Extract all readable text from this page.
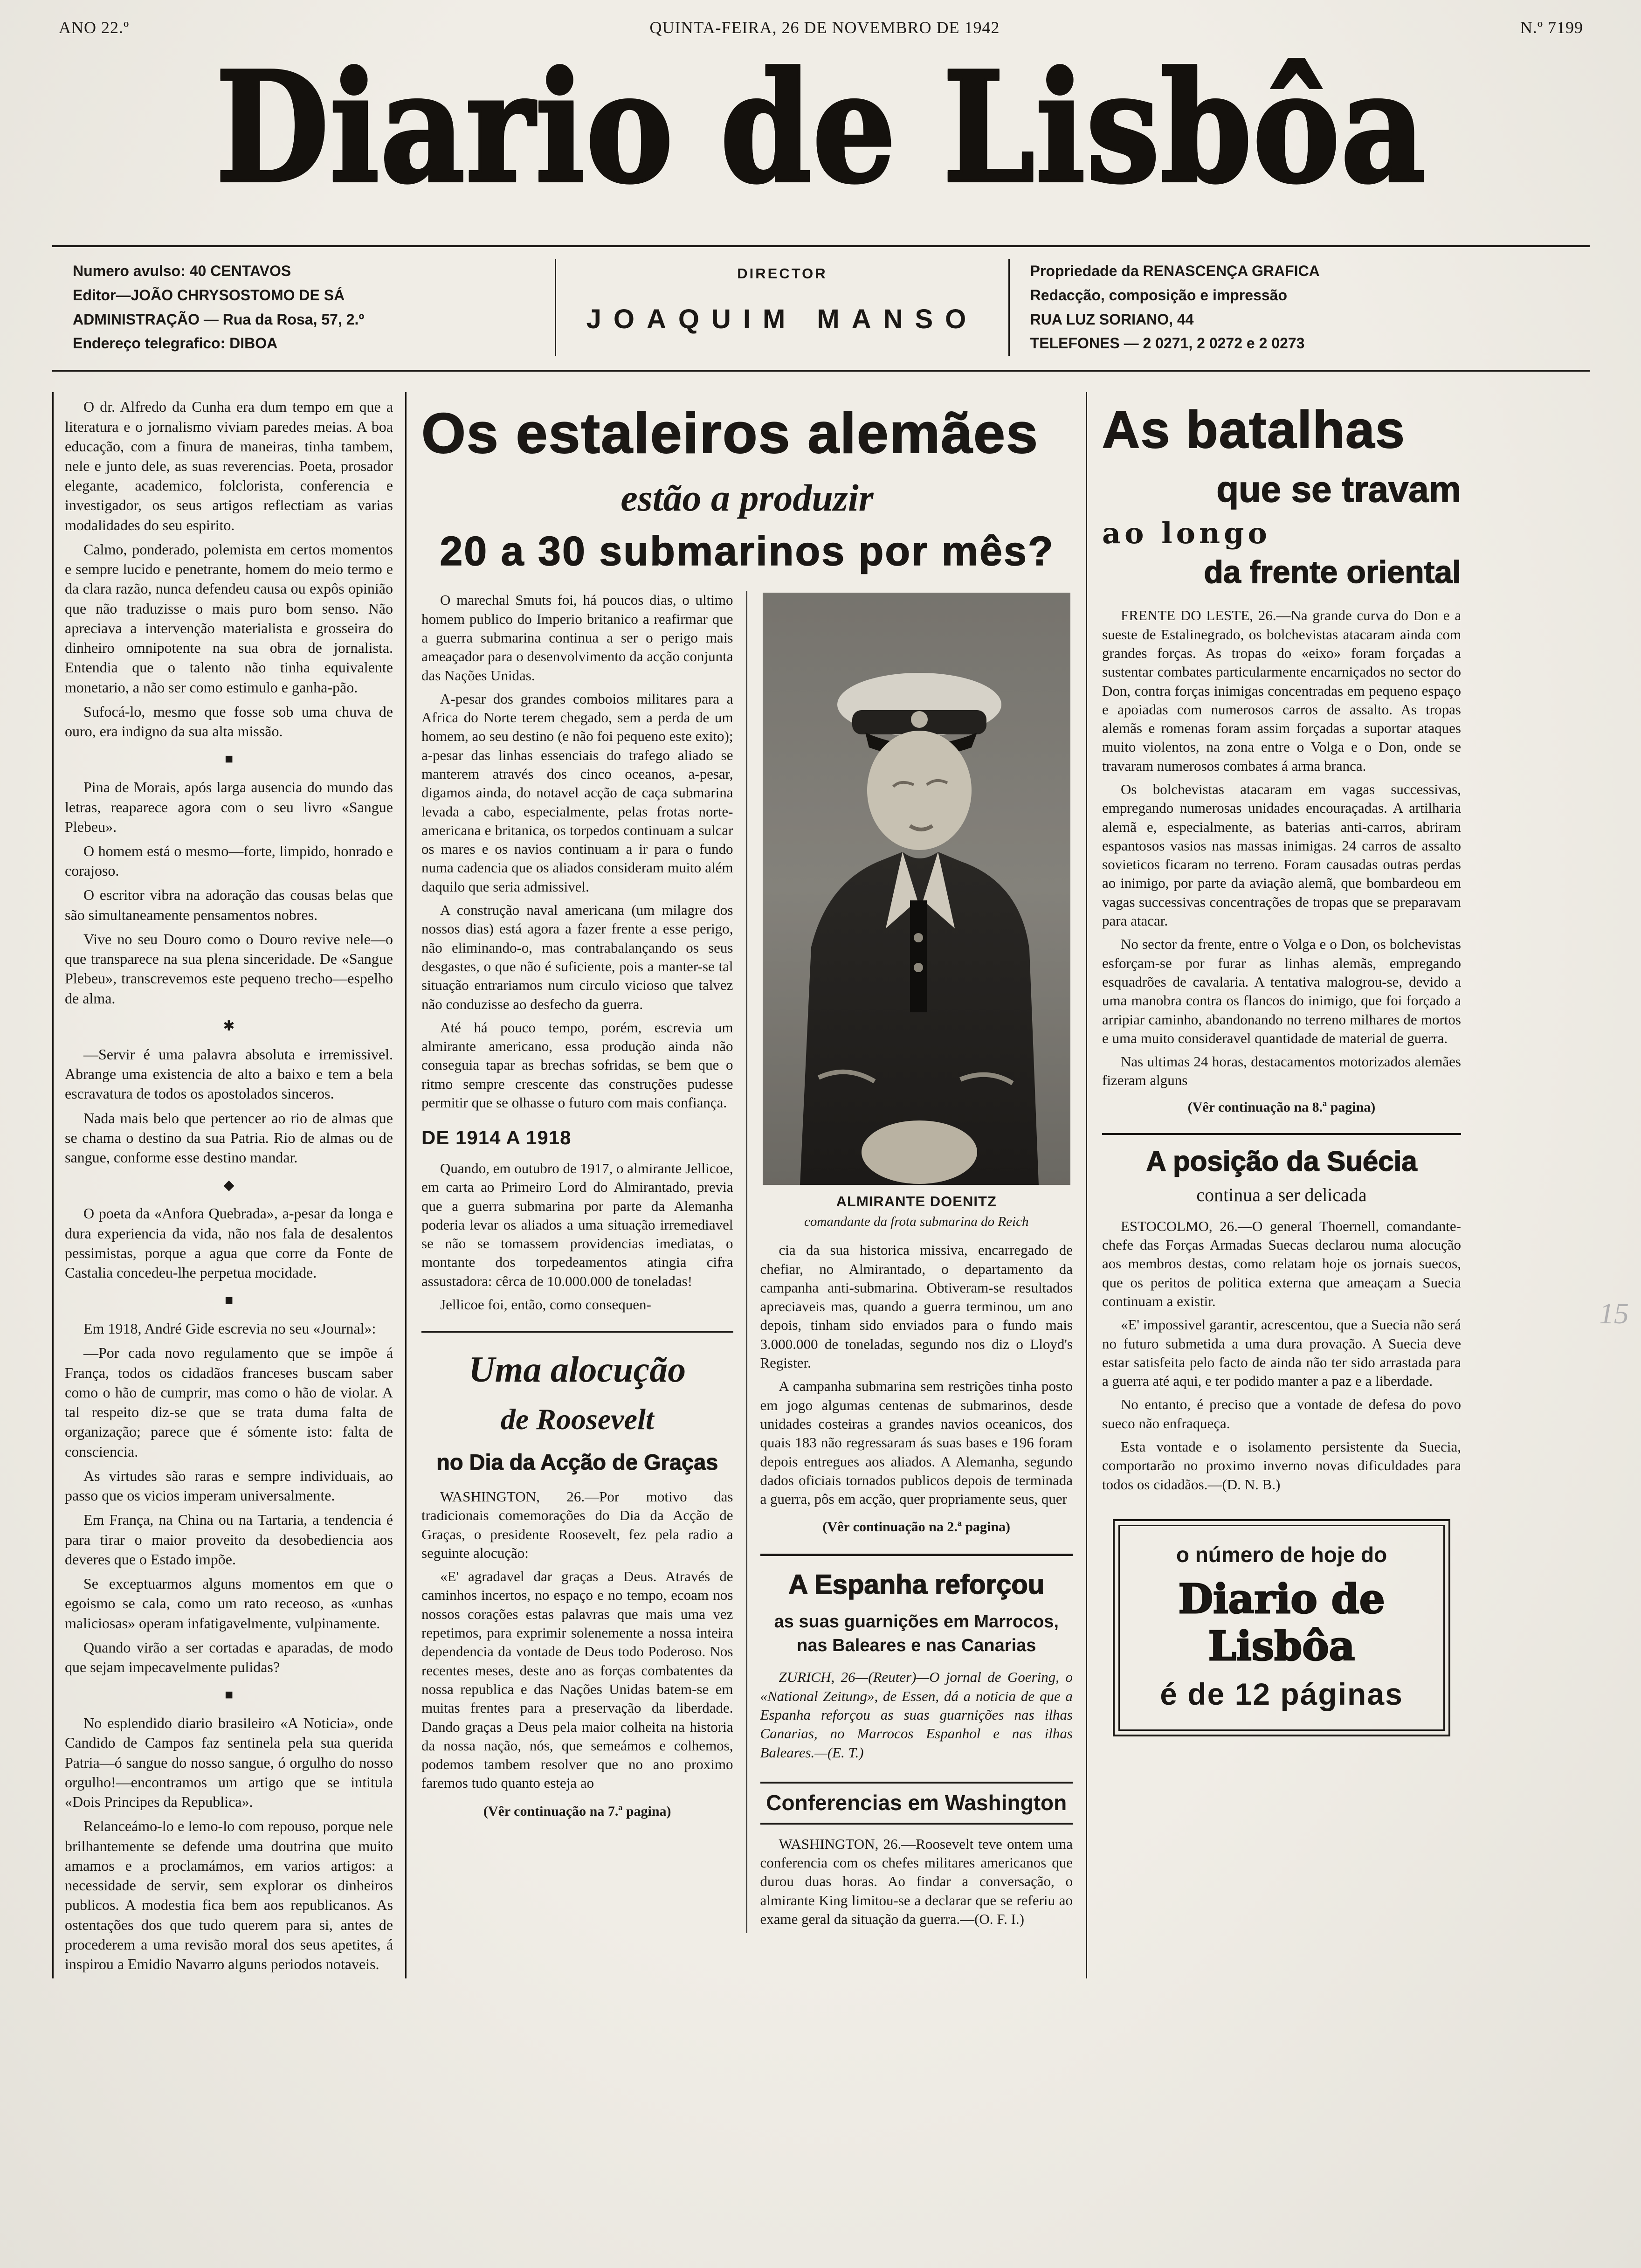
ANO 22.º	QUINTA-FEIRA, 26 DE NOVEMBRO DE 1942	N.º 7199
Diario de Lisbôa
Numero avulso: 40 CENTAVOS
Editor—JOÃO CHRYSOSTOMO DE SÁ
ADMINISTRAÇÃO — Rua da Rosa, 57, 2.º
Endereço telegrafico: DIBOA
DIRECTOR
JOAQUIM MANSO
Propriedade da RENASCENÇA GRAFICA
Redacção, composição e impressão
RUA LUZ SORIANO, 44
TELEFONES — 2 0271, 2 0272 e 2 0273

O dr. Alfredo da Cunha era dum tempo em que a literatura e o jornalismo viviam paredes meias. A boa educação, com a finura de maneiras, tinha tambem, nele e junto dele, as suas reverencias. Poeta, prosador elegante, academico, folclorista, conferencia e investigador, os seus artigos reflectiam as varias modalidades do seu espirito.

Calmo, ponderado, polemista em certos momentos e sempre lucido e penetrante, homem do meio termo e da clara razão, nunca defendeu causa ou expôs opinião que não traduzisse o mais puro bom senso. Não apreciava a intervenção materialista e grosseira do dinheiro omnipotente na sua obra de jornalista. Entendia que o talento não tinha equivalente monetario, a não ser como estimulo e ganha-pão.

Sufocá-lo, mesmo que fosse sob uma chuva de ouro, era indigno da sua alta missão.

■

Pina de Morais, após larga ausencia do mundo das letras, reaparece agora com o seu livro «Sangue Plebeu».

O homem está o mesmo—forte, limpido, honrado e corajoso.

O escritor vibra na adoração das cousas belas que são simultaneamente pensamentos nobres.

Vive no seu Douro como o Douro revive nele—o que transparece na sua plena sinceridade. De «Sangue Plebeu», transcrevemos este pequeno trecho—espelho de alma.

✱

—Servir é uma palavra absoluta e irremissivel. Abrange uma existencia de alto a baixo e tem a bela escravatura de todos os apostolados sinceros.

Nada mais belo que pertencer ao rio de almas que se chama o destino da sua Patria. Rio de almas ou de sangue, conforme esse destino mandar.

◆

O poeta da «Anfora Quebrada», a-pesar da longa e dura experiencia da vida, não nos fala de desalentos pessimistas, porque a agua que corre da Fonte de Castalia concedeu-lhe perpetua mocidade.

■

Em 1918, André Gide escrevia no seu «Journal»:

—Por cada novo regulamento que se impõe á França, todos os cidadãos franceses buscam saber como o hão de cumprir, mas como o hão de violar. A tal respeito diz-se que se trata duma falta de organização; parece que é sómente isto: falta de consciencia.

As virtudes são raras e sempre individuais, ao passo que os vicios imperam universalmente.

Em França, na China ou na Tartaria, a tendencia é para tirar o maior proveito da desobediencia aos deveres que o Estado impõe.

Se exceptuarmos alguns momentos em que o egoismo se cala, como um rato receoso, as «unhas maliciosas» operam infatigavelmente, vulpinamente.

Quando virão a ser cortadas e aparadas, de modo que sejam impecavelmente pulidas?

■

No esplendido diario brasileiro «A Noticia», onde Candido de Campos faz sentinela pela sua querida Patria—ó sangue do nosso sangue, ó orgulho do nosso orgulho!—encontramos um artigo que se intitula «Dois Principes da Republica».

Relanceámo-lo e lemo-lo com repouso, porque nele brilhantemente se defende uma doutrina que muito amamos e a proclamámos, em varios artigos: a necessidade de servir, sem explorar os dinheiros publicos. A modestia fica bem aos republicanos. As ostentações dos que tudo querem para si, antes de procederem a uma revisão moral dos seus apetites, á inspirou a Emidio Navarro alguns periodos notaveis.

Os estaleiros alemães
estão a produzir
20 a 30 submarinos por mês?

O marechal Smuts foi, há poucos dias, o ultimo homem publico do Imperio britanico a reafirmar que a guerra submarina continua a ser o perigo mais ameaçador para o desenvolvimento da acção conjunta das Nações Unidas.

A-pesar dos grandes comboios militares para a Africa do Norte terem chegado, sem a perda de um homem, ao seu destino (e não foi pequeno este exito); a-pesar das linhas essenciais do trafego aliado se manterem através dos cinco oceanos, a-pesar, digamos ainda, do notavel acção de caça submarina levada a cabo, especialmente, pelas frotas norte-americana e britanica, os torpedos continuam a sulcar os mares e os navios continuam a ir para o fundo numa cadencia que os aliados consideram muito além daquilo que seria admissivel.

A construção naval americana (um milagre dos nossos dias) está agora a fazer frente a esse perigo, não eliminando-o, mas contrabalançando os seus desgastes, o que não é suficiente, pois a manter-se tal situação entrariamos num circulo vicioso que talvez não conduzisse ao desfecho da guerra.

Até há pouco tempo, porém, escrevia um almirante americano, essa produção ainda não conseguia tapar as brechas sofridas, se bem que o ritmo sempre crescente das construções pudesse permitir que se olhasse o futuro com mais confiança.

DE 1914 A 1918

Quando, em outubro de 1917, o almirante Jellicoe, em carta ao Primeiro Lord do Almirantado, previa que a guerra submarina por parte da Alemanha poderia levar os aliados a uma situação irremediavel se não se tomassem providencias imediatas, o montante dos torpedeamentos atingia cifra assustadora: cêrca de 10.000.000 de toneladas!

Jellicoe foi, então, como consequen-

Uma alocução
de Roosevelt
no Dia da Acção de Graças

WASHINGTON, 26.—Por motivo das tradicionais comemorações do Dia da Acção de Graças, o presidente Roosevelt, fez pela radio a seguinte alocução:

«E' agradavel dar graças a Deus. Através de caminhos incertos, no espaço e no tempo, ecoam nos nossos corações estas palavras que mais uma vez repetimos, para exprimir solenemente a nossa inteira dependencia da vontade de Deus todo Poderoso. Nos recentes meses, deste ano as forças combatentes da nossa republica e das Nações Unidas batem-se em muitas frentes para a preservação da liberdade. Dando graças a Deus pela maior colheita na historia da nossa nação, nós, que semeámos e colhemos, podemos tambem resolver que no ano proximo faremos tudo quanto esteja ao

(Vêr continuação na 7.ª pagina)
ALMIRANTE DOENITZ
comandante da frota submarina do Reich

cia da sua historica missiva, encarregado de chefiar, no Almirantado, o departamento da campanha anti-submarina. Obtiveram-se resultados apreciaveis mas, quando a guerra terminou, um ano depois, tinham sido enviados para o fundo mais 3.000.000 de toneladas, segundo nos diz o Lloyd's Register.

A campanha submarina sem restrições tinha posto em jogo algumas centenas de submarinos, desde unidades costeiras a grandes navios oceanicos, dos quais 183 não regressaram ás suas bases e 196 foram depois entregues aos aliados. A Alemanha, segundo dados oficiais tornados publicos depois de terminada a guerra, pôs em acção, quer propriamente seus, quer

(Vêr continuação na 2.ª pagina)
A Espanha reforçou
as suas guarnições em Marrocos, nas Baleares e nas Canarias

ZURICH, 26—(Reuter)—O jornal de Goering, o «National Zeitung», de Essen, dá a noticia de que a Espanha reforçou as suas guarnições nas ilhas Canarias, no Marrocos Espanhol e nas ilhas Baleares.—(E. T.)

Conferencias em Washington

WASHINGTON, 26.—Roosevelt teve ontem uma conferencia com os chefes militares americanos que durou duas horas. Ao findar a conversação, o almirante King limitou-se a declarar que se referiu ao exame geral da situação da guerra.—(O. F. I.)

As batalhas
que se travam
ao longo
da frente oriental

FRENTE DO LESTE, 26.—Na grande curva do Don e a sueste de Estalinegrado, os bolchevistas atacaram ainda com grandes forças. As tropas do «eixo» foram forçadas a sustentar combates particularmente encarniçados no sector do Don, contra forças inimigas concentradas em pequeno espaço e apoiadas com numerosos carros de assalto. As tropas alemãs e romenas foram assim forçadas a suportar ataques muito violentos, na zona entre o Volga e o Don, onde se travaram numerosos combates á arma branca.

Os bolchevistas atacaram em vagas successivas, empregando numerosas unidades encouraçadas. A artilharia alemã e, especialmente, as baterias anti-carros, abriram espantosos vasios nas massas inimigas. 24 carros de assalto sovieticos ficaram no terreno. Foram causadas outras perdas ao inimigo, por parte da aviação alemã, que bombardeou em vagas successivas concentrações de tropas que se preparavam para atacar.

No sector da frente, entre o Volga e o Don, os bolchevistas esforçam-se por furar as linhas alemãs, empregando esquadrões de cavalaria. A tentativa malogrou-se, devido a uma manobra contra os flancos do inimigo, que foi forçado a arripiar caminho, abandonando no terreno milhares de mortos e uma muito consideravel quantidade de material de guerra.

Nas ultimas 24 horas, destacamentos motorizados alemães fizeram alguns

(Vêr continuação na 8.ª pagina)
A posição da Suécia
continua a ser delicada

ESTOCOLMO, 26.—O general Thoernell, comandante-chefe das Forças Armadas Suecas declarou numa alocução aos membros destas, como relatam hoje os jornais suecos, que os peritos de politica externa que ameaçam a Suecia continuam a existir.

«E' impossivel garantir, acrescentou, que a Suecia não será no futuro submetida a uma dura provação. A Suecia deve estar satisfeita pelo facto de ainda não ter sido arrastada para a guerra até aqui, e ter podido manter a paz e a liberdade.

No entanto, é preciso que a vontade de defesa do povo sueco não enfraqueça.

Esta vontade e o isolamento persistente da Suecia, comportarão no proximo inverno novas dificuldades para todos os cidadãos.—(D. N. B.)

o número de hoje do
Diario de Lisbôa
é de 12 páginas
15
